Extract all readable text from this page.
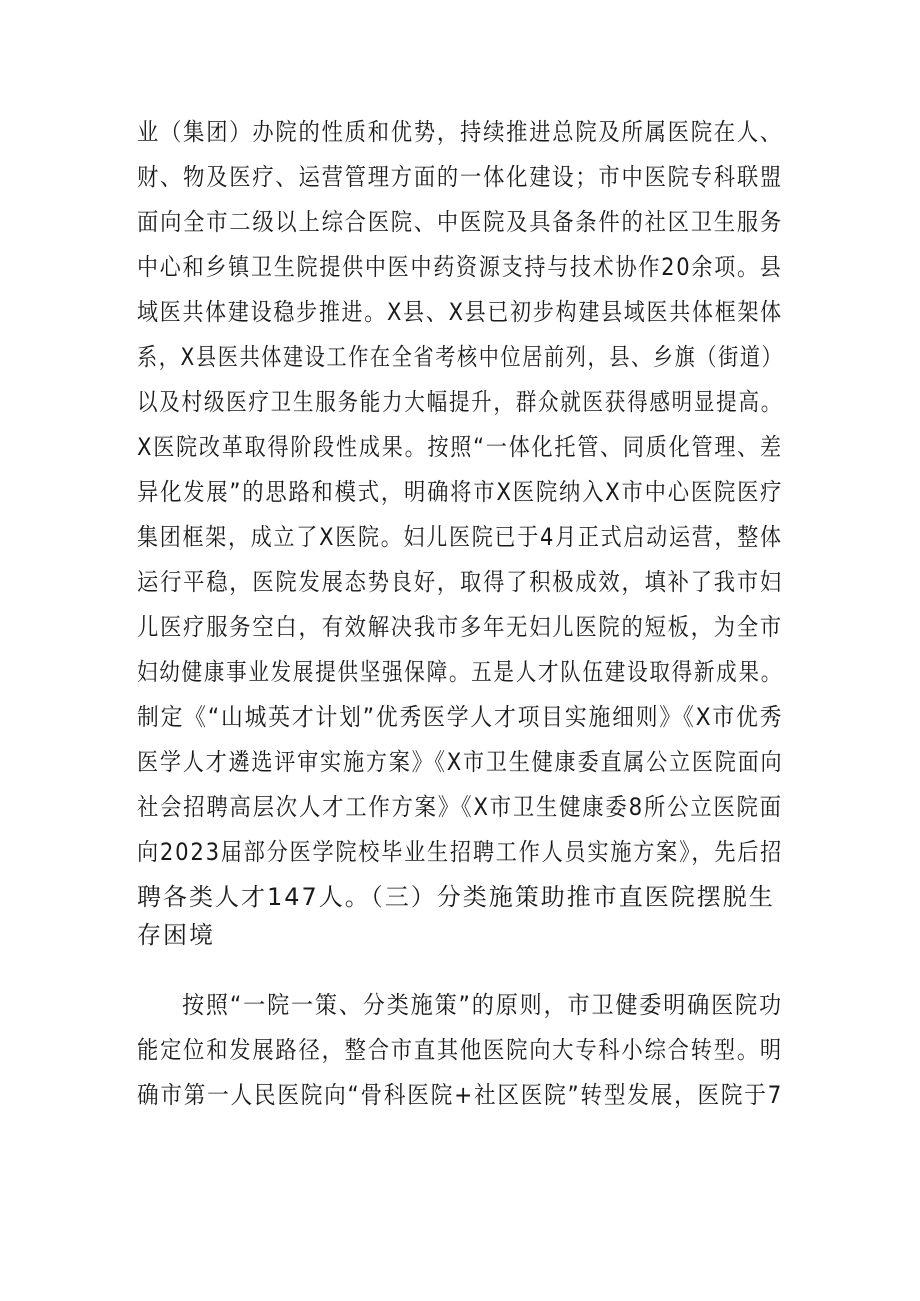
业（集团）办院的性质和优势，持续推进总院及所属医院在人、
财、物及医疗、运营管理方面的一体化建设；市中医院专科联盟
面向全市二级以上综合医院、中医院及具备条件的社区卫生服务
中心和乡镇卫生院提供中医中药资源支持与技术协作20余项。县
域医共体建设稳步推进。X县、X县已初步构建县域医共体框架体
系，X县医共体建设工作在全省考核中位居前列，县、乡旗（街道）
以及村级医疗卫生服务能力大幅提升，群众就医获得感明显提高。
X医院改革取得阶段性成果。按照“一体化托管、同质化管理、差
异化发展”的思路和模式，明确将市X医院纳入X市中心医院医疗
集团框架，成立了X医院。妇儿医院已于4月正式启动运营，整体
运行平稳，医院发展态势良好，取得了积极成效，填补了我市妇
儿医疗服务空白，有效解决我市多年无妇儿医院的短板，为全市
妇幼健康事业发展提供坚强保障。五是人才队伍建设取得新成果。
制定《“山城英才计划”优秀医学人才项目实施细则》《X市优秀
医学人才遴选评审实施方案》《X市卫生健康委直属公立医院面向
社会招聘高层次人才工作方案》《X市卫生健康委8所公立医院面
向2023届部分医学院校毕业生招聘工作人员实施方案》，先后招
聘各类人才147人。（三）分类施策助推市直医院摆脱生
存困境
按照“一院一策、分类施策”的原则，市卫健委明确医院功
能定位和发展路径，整合市直其他医院向大专科小综合转型。明
确市第一人民医院向“骨科医院+社区医院”转型发展，医院于7
